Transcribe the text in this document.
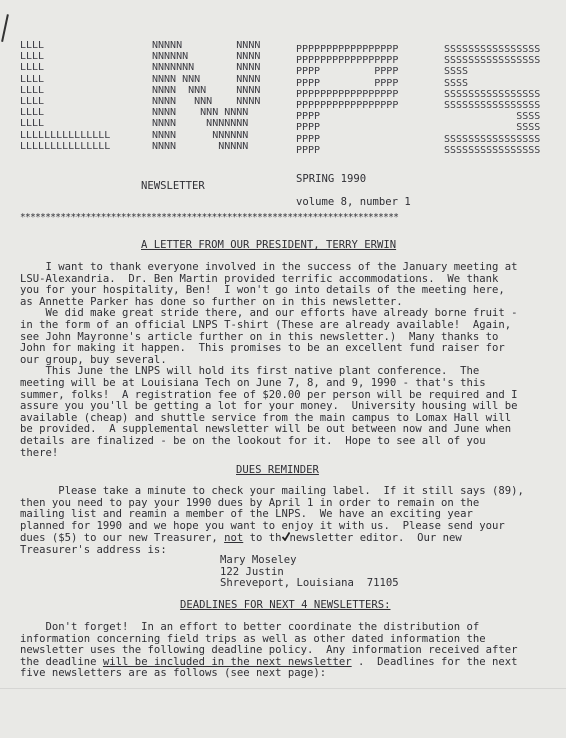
LLLL
LLLL
LLLL
LLLL
LLLL
LLLL
LLLL
LLLL
LLLLLLLLLLLLLLL
LLLLLLLLLLLLLLL

NNNNN         NNNN
NNNNNN        NNNN
NNNNNNN       NNNN
NNNN NNN      NNNN
NNNN  NNN     NNNN
NNNN   NNN    NNNN
NNNN    NNN NNNN
NNNN     NNNNNNN
NNNN      NNNNNN
NNNN       NNNNN

PPPPPPPPPPPPPPPPP
PPPPPPPPPPPPPPPPP
PPPP         PPPP
PPPP         PPPP
PPPPPPPPPPPPPPPPP
PPPPPPPPPPPPPPPPP
PPPP
PPPP
PPPP
PPPP

SSSSSSSSSSSSSSSS
SSSSSSSSSSSSSSSS
SSSS
SSSS
SSSSSSSSSSSSSSSS
SSSSSSSSSSSSSSSS
SSSS
SSSS
SSSSSSSSSSSSSSSS
SSSSSSSSSSSSSSSS

NEWSLETTER
SPRING 1990
volume 8, number 1
***************************************************************************
A LETTER FROM OUR PRESIDENT, TERRY ERWIN
I want to thank everyone involved in the success of the January meeting at
LSU-Alexandria.  Dr. Ben Martin provided terrific accommodations.  We thank
you for your hospitality, Ben!  I won't go into details of the meeting here,
as Annette Parker has done so further on in this newsletter.
We did make great stride there, and our efforts have already borne fruit -
in the form of an official LNPS T-shirt (These are already available!  Again,
see John Mayronne's article further on in this newsletter.)  Many thanks to
John for making it happen.  This promises to be an excellent fund raiser for
our group, buy several.
This June the LNPS will hold its first native plant conference.  The
meeting will be at Louisiana Tech on June 7, 8, and 9, 1990 - that's this
summer, folks!  A registration fee of $20.00 per person will be required and I
assure you you'll be getting a lot for your money.  University housing will be
available (cheap) and shuttle service from the main campus to Lomax Hall will
be provided.  A supplemental newsletter will be out between now and June when
details are finalized - be on the lookout for it.  Hope to see all of you
there!
DUES REMINDER
Please take a minute to check your mailing label.  If it still says (89),
then you need to pay your 1990 dues by April 1 in order to remain on the
mailing list and reamin a member of the LNPS.  We have an exciting year
planned for 1990 and we hope you want to enjoy it with us.  Please send your
dues ($5) to our new Treasurer, not to th newsletter editor.  Our new
Treasurer's address is:
Mary Moseley
122 Justin
Shreveport, Louisiana  71105
DEADLINES FOR NEXT 4 NEWSLETTERS:
Don't forget!  In an effort to better coordinate the distribution of
information concerning field trips as well as other dated information the
newsletter uses the following deadline policy.  Any information received after
the deadline will be included in the next newsletter .  Deadlines for the next
five newsletters are as follows (see next page):
